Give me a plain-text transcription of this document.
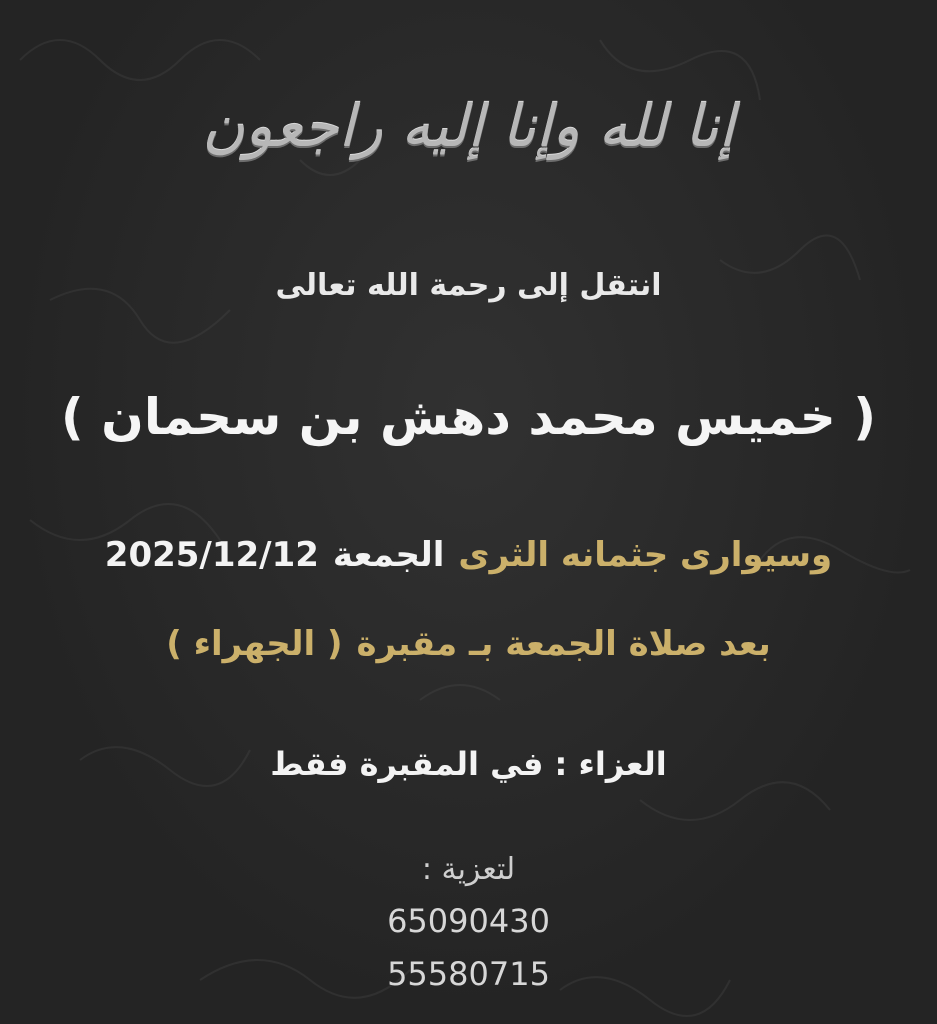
إنا لله وإنا إليه راجعون

انتقل إلى رحمة الله تعالى

( خميس محمد دهش بن سحمان )

وسيوارى جثمانه الثرىالجمعة2025/12/12

بعد صلاة الجمعة بـ مقبرة( الجهراء )

العزاء : في المقبرة فقط

لتعزية :

65090430

55580715
